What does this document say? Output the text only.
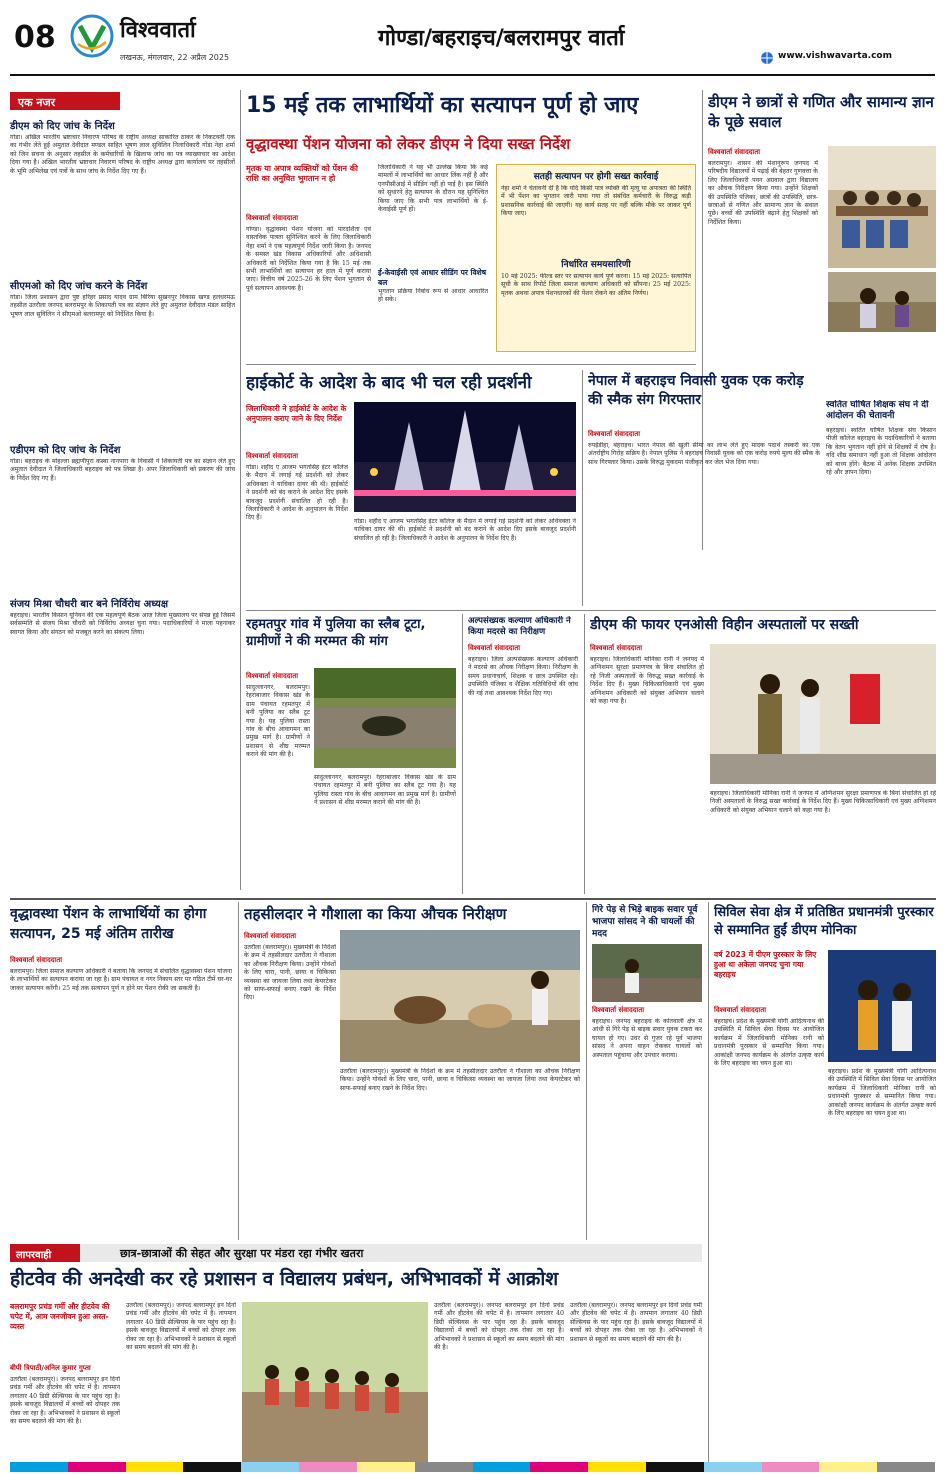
08	विश्ववार्ता
लखनऊ, मंगलवार, 22 अप्रैल 2025
गोण्डा/बहराइच/बलरामपुर वार्ता
www.vishwavarta.com
एक नजर
डीएम को दिए जांच के निर्देश
गोंडा। अखिल भारतीय भ्रष्टाचार निवारण परिषद के राष्ट्रीय अध्यक्ष साकारित ठाकर के निकटवर्ती एक का गंभीर लेते हुई अमुतात देवीदात मण्डल साहित भूषण लाल सुविलिन निलाधिकारी गोंडा नेहा शर्मा को जिन सचना के अनुसार तहसील के कर्मचारियों के खिलाफ जांच का पत्र व्याख्याचार का आदेश दिया गया है। अखिल भारतीय भ्रष्टाचार निवारण परिषद के राष्ट्रीय अध्यक्ष द्वारा कार्यालय पर तहसीलों के भूमि अभिलेख एवं पत्रों के साथ जांच के निर्देश दिए गए हैं।
सीएमओ को दिए जांच करने के निर्देश
गोंडा। जिला प्रशासन द्वारा पुष्ट हरिहर प्रसाद यादव ग्राम बिरिया सुखनपुर विकास खण्ड हलधरमऊ तहसील उतरौला जनपद बलरामपुर के शिकायती पत्र का संज्ञान लेते हुए अमुतात देवीदात मंडल साहित भूषण लाल सुविलिन ने सीएमओ बलरामपुर को निर्देशित किया है।
एडीएम को दिए जांच के निर्देश
गोंडा। बहराइच के मोहल्ला ब्रह्मणीपुरा कस्बा नानपारा के निवासी ने शिकायती पत्र का संज्ञान लेते हुए अमुतात देवीदात ने जिलाधिकारी बहराइच को पत्र लिखा है। अपर जिलाधिकारी को प्रकरण की जांच के निर्देश दिए गए हैं।
संजय मिश्रा चौधरी बार बने निर्विरोध अध्यक्ष
बहराइच। भारतीय किसान यूनियन की एक महत्वपूर्ण बैठक आज जिला मुख्यालय पर संपन्न हुई जिसमें सर्वसम्मति से संजय मिश्रा चौधरी को निर्विरोध अध्यक्ष चुना गया। पदाधिकारियों ने माला पहनाकर स्वागत किया और संगठन को मजबूत करने का संकल्प लिया।
15 मई तक लाभार्थियों का सत्यापन पूर्ण हो जाए
वृद्धावस्था पेंशन योजना को लेकर डीएम ने दिया सख्त निर्देश
मृतक या अपात्र व्यक्तियों को पेंशन की राशि का अनुचित भुगतान न हो
विश्ववार्ता संवाददाता
गोण्डा। वृद्धावस्था पेंशन योजना को पारदर्शिता एवं वास्तविक पात्रता सुनिश्चित करने के लिए जिलाधिकारी नेहा शर्मा ने एक महत्वपूर्ण निर्देश जारी किया है। जनपद के समस्त खंड विकास अधिकारियों और अधिशासी अधिकारी को निर्देशित किया गया है कि 15 मई तक सभी लाभार्थियों का सत्यापन हर हाल में पूर्ण कराया जाए। वित्तीय वर्ष 2025-26 के लिए पेंशन भुगतान से पूर्व सत्यापन आवश्यक है।
जिलाधिकारी ने यह भी उल्लेख किया कि कई मामलों में लाभार्थियों का आधार लिंक नहीं है और एनपीसीआई में सीडिंग नहीं हो पाई है। इस स्थिति को सुधारने हेतु सत्यापन के दौरान यह सुनिश्चित किया जाए कि सभी पात्र लाभार्थियों के ई-केवाईसी पूर्ण हों।
ई-केवाईसी एवं आधार सीडिंग पर विशेष बल
भुगतान प्रक्रिया निर्बाध रूप से आधार आधारित हो सके।
सतही सत्यापन पर होगी सख्त कार्रवाई
नेहा शर्मा ने चेतावनी दी है कि यदि किसी पात्र व्यक्ति की मृत्यु या अपात्रता की स्थिति में भी पेंशन का भुगतान जारी पाया गया तो संबंधित कर्मचारी के विरुद्ध कड़ी प्रशासनिक कार्रवाई की जाएगी। यह कार्य सतह पर नहीं बल्कि मौके पर जाकर पूर्ण किया जाए।
निर्धारित समयसारिणी
10 मई 2025: फील्ड स्तर पर सत्यापन कार्य पूर्ण करना। 15 मई 2025: सत्यापित सूची के साथ रिपोर्ट जिला समाज कल्याण अधिकारी को सौंपना। 25 मई 2025: मृतक अथवा अपात्र पेंशनधारकों की पेंशन रोकने का अंतिम निर्णय।
डीएम ने छात्रों से गणित और सामान्य ज्ञान के पूछे सवाल
विश्ववार्ता संवाददाता
बलरामपुर। शासन की मंशानुरूप जनपद में परिषदीय विद्यालयों में पढ़ाई की बेहतर गुणवत्ता के लिए जिलाधिकारी पवन अग्रवाल द्वारा विद्यालय का औचक निरीक्षण किया गया। उन्होंने शिक्षकों की उपस्थिति पंजिका, छात्रों की उपस्थिति, छात्र-छात्राओं से गणित और सामान्य ज्ञान के सवाल पूछे। बच्चों की उपस्थिति बढ़ाने हेतु शिक्षकों को निर्देशित किया।
स्वतित घोषित शिक्षक संघ ने दी आंदोलन की चेतावनी
बहराइच। स्वतित घोषित शिक्षक संघ किसान पीजी कॉलेज बहराइच के पदाधिकारियों ने बताया कि वेतन भुगतान नहीं होने से शिक्षकों में रोष है। यदि शीघ्र समाधान नहीं हुआ तो शिक्षक आंदोलन को बाध्य होंगे। बैठक में अनेक शिक्षक उपस्थित रहे और ज्ञापन दिया।
हाईकोर्ट के आदेश के बाद भी चल रही प्रदर्शनी
जिलाधिकारी ने हाईकोर्ट के आदेश के अनुपालन कराए जाने के दिए निर्देश
विश्ववार्ता संवाददाता
गोंडा। शहीद ए आजम भगतसिंह इंटर कॉलेज के मैदान में लगाई गई प्रदर्शनी को लेकर अधिवक्ता ने याचिका दायर की थी। हाईकोर्ट ने प्रदर्शनी को बंद कराने के आदेश दिए इसके बावजूद प्रदर्शनी संचालित हो रही है। जिलाधिकारी ने आदेश के अनुपालन के निर्देश दिए हैं।
गोंडा। शहीद ए आजम भगतसिंह इंटर कॉलेज के मैदान में लगाई गई प्रदर्शनी को लेकर अधिवक्ता ने याचिका दायर की थी। हाईकोर्ट ने प्रदर्शनी को बंद कराने के आदेश दिए इसके बावजूद प्रदर्शनी संचालित हो रही है। जिलाधिकारी ने आदेश के अनुपालन के निर्देश दिए हैं।
नेपाल में बहराइच निवासी युवक एक करोड़ की स्मैक संग गिरफ्तार
विश्ववार्ता संवाददाता
रुपईडीहा, बहराइच। भारत नेपाल की खुली सीमा का लाभ लेते हुए मादक पदार्थ तस्करी का एक अंतर्राष्ट्रीय गिरोह सक्रिय है। नेपाल पुलिस ने बहराइच निवासी युवक को एक करोड़ रुपये मूल्य की स्मैक के साथ गिरफ्तार किया। उसके विरुद्ध मुकदमा पंजीकृत कर जेल भेज दिया गया।
रहमतपुर गांव में पुलिया का स्लैब टूटा, ग्रामीणों ने की मरम्मत की मांग
विश्ववार्ता संवाददाता
सादुल्लानगर, बलरामपुर। रेहराबाजार विकास खंड के ग्राम पंचायत रहमतपुर में बनी पुलिया का स्लैब टूट गया है। यह पुलिया रास्ता गांव के बीच आवागमन का प्रमुख मार्ग है। ग्रामीणों ने प्रशासन से शीघ्र मरम्मत कराने की मांग की है।
सादुल्लानगर, बलरामपुर। रेहराबाजार विकास खंड के ग्राम पंचायत रहमतपुर में बनी पुलिया का स्लैब टूट गया है। यह पुलिया रास्ता गांव के बीच आवागमन का प्रमुख मार्ग है। ग्रामीणों ने प्रशासन से शीघ्र मरम्मत कराने की मांग की है।
अल्पसंख्यक कल्याण अधिकारी ने किया मदरसे का निरीक्षण
विश्ववार्ता संवाददाता
बहराइच। जिला अल्पसंख्यक कल्याण अधिकारी ने मदरसे का औचक निरीक्षण किया। निरीक्षण के समय प्रधानाचार्य, शिक्षक व छात्र उपस्थित रहे। उपस्थिति पंजिका व शैक्षिक गतिविधियों की जांच की गई तथा आवश्यक निर्देश दिए गए।
डीएम की फायर एनओसी विहीन अस्पतालों पर सख्ती
विश्ववार्ता संवाददाता
बहराइच। जिलाधिकारी मोनिका रानी ने जनपद में अग्निशमन सुरक्षा प्रमाणपत्र के बिना संचालित हो रहे निजी अस्पतालों के विरुद्ध सख्त कार्रवाई के निर्देश दिए हैं। मुख्य चिकित्साधिकारी एवं मुख्य अग्निशमन अधिकारी को संयुक्त अभियान चलाने को कहा गया है।
बहराइच। जिलाधिकारी मोनिका रानी ने जनपद में अग्निशमन सुरक्षा प्रमाणपत्र के बिना संचालित हो रहे निजी अस्पतालों के विरुद्ध सख्त कार्रवाई के निर्देश दिए हैं। मुख्य चिकित्साधिकारी एवं मुख्य अग्निशमन अधिकारी को संयुक्त अभियान चलाने को कहा गया है।
वृद्धावस्था पेंशन के लाभार्थियों का होगा सत्यापन, 25 मई अंतिम तारीख
विश्ववार्ता संवाददाता
बलरामपुर। जिला समाज कल्याण अधिकारी ने बताया कि जनपद में संचालित वृद्धावस्था पेंशन योजना के लाभार्थियों का सत्यापन कराया जा रहा है। ग्राम पंचायत व नगर निकाय स्तर पर गठित टीमें घर-घर जाकर सत्यापन करेंगी। 25 मई तक सत्यापन पूर्ण न होने पर पेंशन रोकी जा सकती है।
तहसीलदार ने गौशाला का किया औचक निरीक्षण
विश्ववार्ता संवाददाता
उतरौला (बलरामपुर)। मुख्यमंत्री के निर्देशों के क्रम में तहसीलदार उतरौला ने गौशाला का औचक निरीक्षण किया। उन्होंने गोवंशों के लिए चारा, पानी, छाया व चिकित्सा व्यवस्था का जायजा लिया तथा केयरटेकर को साफ-सफाई बनाए रखने के निर्देश दिए।
उतरौला (बलरामपुर)। मुख्यमंत्री के निर्देशों के क्रम में तहसीलदार उतरौला ने गौशाला का औचक निरीक्षण किया। उन्होंने गोवंशों के लिए चारा, पानी, छाया व चिकित्सा व्यवस्था का जायजा लिया तथा केयरटेकर को साफ-सफाई बनाए रखने के निर्देश दिए।
गिरे पेड़ से भिड़े बाइक सवार पूर्व भाजपा सांसद ने की घायलों की मदद
विश्ववार्ता संवाददाता
बहराइच। जनपद बहराइच के कोतवाली क्षेत्र में आंधी से गिरे पेड़ से बाइक सवार युवक टकरा कर घायल हो गए। उधर से गुजर रहे पूर्व भाजपा सांसद ने अपना वाहन रोककर घायलों को अस्पताल पहुंचाया और उपचार कराया।
सिविल सेवा क्षेत्र में प्रतिष्ठित प्रधानमंत्री पुरस्कार से सम्मानित हुईं डीएम मोनिका
वर्ष 2023 में पीएम पुरस्कार के लिए हुआ था अकेला जनपद चुना गया बहराइच
विश्ववार्ता संवाददाता
बहराइच। प्रदेश के मुख्यमंत्री योगी आदित्यनाथ की उपस्थिति में सिविल सेवा दिवस पर आयोजित कार्यक्रम में जिलाधिकारी मोनिका रानी को प्रधानमंत्री पुरस्कार से सम्मानित किया गया। आकांक्षी जनपद कार्यक्रम के अंतर्गत उत्कृष्ट कार्य के लिए बहराइच का चयन हुआ था।
बहराइच। प्रदेश के मुख्यमंत्री योगी आदित्यनाथ की उपस्थिति में सिविल सेवा दिवस पर आयोजित कार्यक्रम में जिलाधिकारी मोनिका रानी को प्रधानमंत्री पुरस्कार से सम्मानित किया गया। आकांक्षी जनपद कार्यक्रम के अंतर्गत उत्कृष्ट कार्य के लिए बहराइच का चयन हुआ था।
लापरवाही	छात्र-छात्राओं की सेहत और सुरक्षा पर मंडरा रहा गंभीर खतरा
हीटवेव की अनदेखी कर रहे प्रशासन व विद्यालय प्रबंधन, अभिभावकों में आक्रोश
बलरामपुर प्रचंड गर्मी और हीटवेव की चपेट में, आम जनजीवन हुआ अस्त-व्यस्त
बीपी त्रिपाठी/अनिल कुमार गुप्ता
उतरौला (बलरामपुर)। जनपद बलरामपुर इन दिनों प्रचंड गर्मी और हीटवेव की चपेट में है। तापमान लगातार 40 डिग्री सेल्सियस के पार पहुंच रहा है। इसके बावजूद विद्यालयों में बच्चों को दोपहर तक रोका जा रहा है। अभिभावकों ने प्रशासन से स्कूलों का समय बदलने की मांग की है।
उतरौला (बलरामपुर)। जनपद बलरामपुर इन दिनों प्रचंड गर्मी और हीटवेव की चपेट में है। तापमान लगातार 40 डिग्री सेल्सियस के पार पहुंच रहा है। इसके बावजूद विद्यालयों में बच्चों को दोपहर तक रोका जा रहा है। अभिभावकों ने प्रशासन से स्कूलों का समय बदलने की मांग की है।
उतरौला (बलरामपुर)। जनपद बलरामपुर इन दिनों प्रचंड गर्मी और हीटवेव की चपेट में है। तापमान लगातार 40 डिग्री सेल्सियस के पार पहुंच रहा है। इसके बावजूद विद्यालयों में बच्चों को दोपहर तक रोका जा रहा है। अभिभावकों ने प्रशासन से स्कूलों का समय बदलने की मांग की है।
उतरौला (बलरामपुर)। जनपद बलरामपुर इन दिनों प्रचंड गर्मी और हीटवेव की चपेट में है। तापमान लगातार 40 डिग्री सेल्सियस के पार पहुंच रहा है। इसके बावजूद विद्यालयों में बच्चों को दोपहर तक रोका जा रहा है। अभिभावकों ने प्रशासन से स्कूलों का समय बदलने की मांग की है।
